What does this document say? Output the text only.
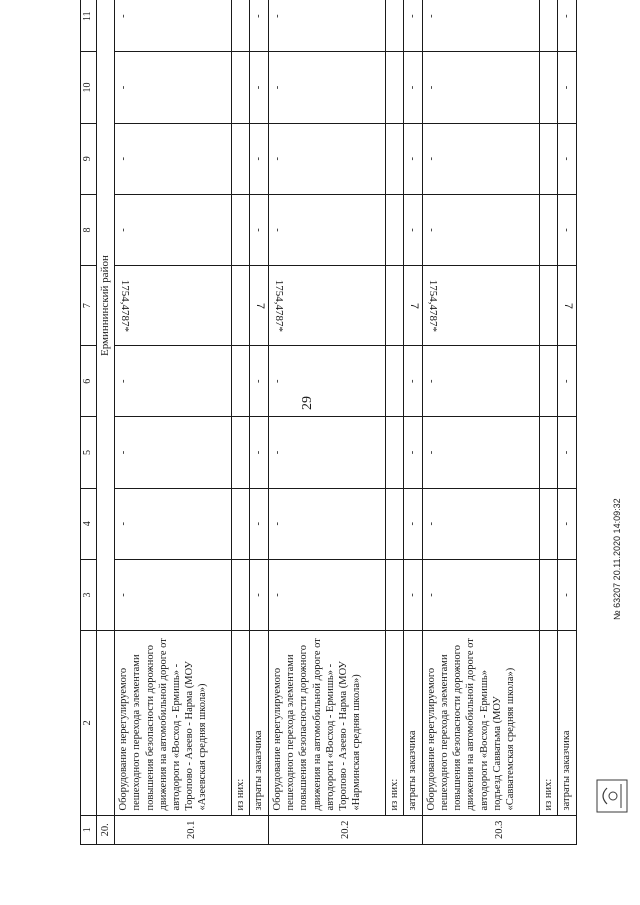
29
1	2	3	4	5	6	7	8	9	10	11
20.		Ерминнинский район								
20.1	Оборудование нерегулируемого пешеходного перехода элементами повышения безопасности дорожного движения на автомобильной дороге от автодороги «Восход - Ермишь» - Торопово - Азеево - Нарма (МОУ «Азеевская средняя школа»)	-	-	-	-	1754,4787*	-	-	-	-
	из них:									
	затраты заказчика	-	-	-	-	7	-	-	-	-
20.2	Оборудование нерегулируемого пешеходного перехода элементами повышения безопасности дорожного движения на автомобильной дороге от автодороги «Восход - Ермишь» - Торопово - Азеево - Нарма (МОУ «Нарминская средняя школа»)	-	-	-	-	1754,4787*	-	-	-	-
	из них:									
	затраты заказчика	-	-	-	-	7	-	-	-	-
20.3	Оборудование нерегулируемого пешеходного перехода элементами повышения безопасности дорожного движения на автомобильной дороге от автодороги «Восход - Ермишь» подъезд Савватьма (МОУ «Савватемская средняя школа»)	-	-	-	-	1754,4787*	-	-	-	-
	из них:									
	затраты заказчика	-	-	-	-	7	-	-	-	-
№ 63207 20.11.2020 14:09:32
